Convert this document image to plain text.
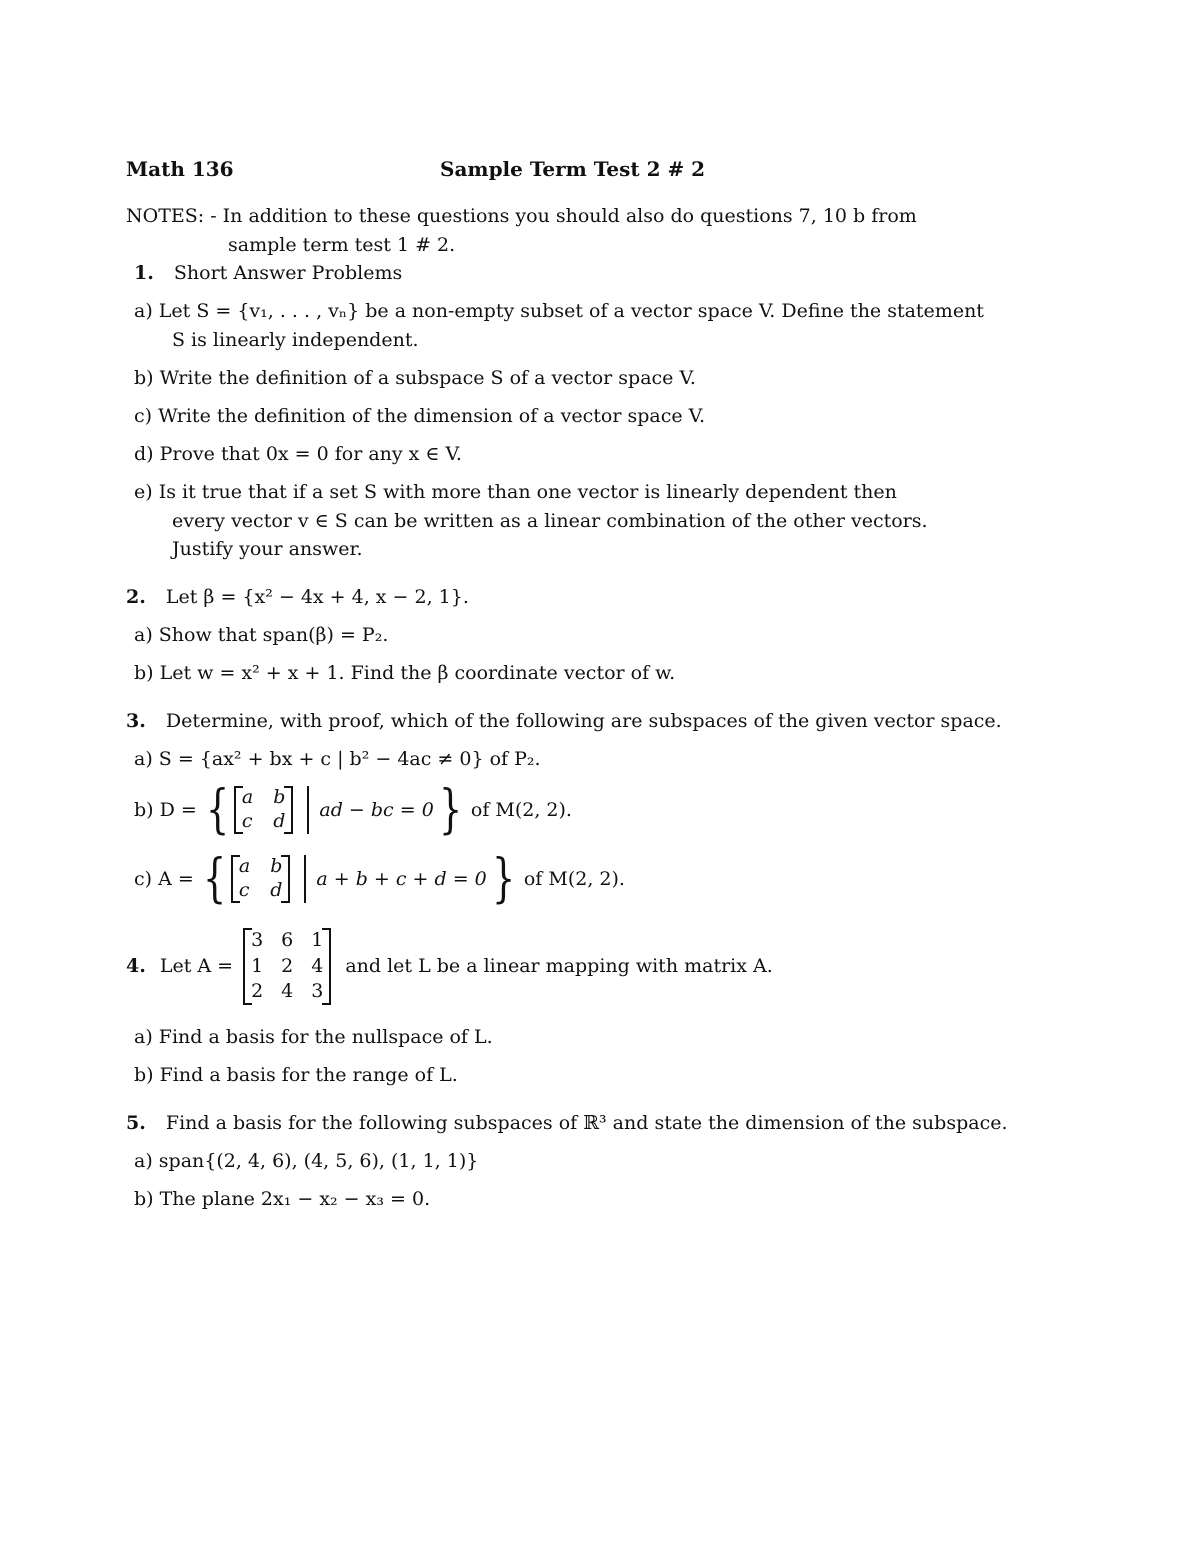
Math 136	Sample Term Test 2 # 2
NOTES: - In addition to these questions you should also do questions 7, 10 b from
sample term test 1 # 2.
1. Short Answer Problems
a) Let S = {v₁, . . . , vₙ} be a non-empty subset of a vector space V. Define the statement
S is linearly independent.
b) Write the definition of a subspace S of a vector space V.
c) Write the definition of the dimension of a vector space V.
d) Prove that 0x = 0 for any x ∈ V.
e) Is it true that if a set S with more than one vector is linearly dependent then
every vector v ∈ S can be written as a linear combination of the other vectors.
Justify your answer.
2. Let β = {x² − 4x + 4, x − 2, 1}.
a) Show that span(β) = P₂.
b) Let w = x² + x + 1. Find the β coordinate vector of w.
3. Determine, with proof, which of the following are subspaces of the given vector space.
a) S = {ax² + bx + c | b² − 4ac ≠ 0} of P₂.
b) D = { a b
c d
ad − bc = 0 } of M(2, 2).
c) A = { a b
c d
a + b + c + d = 0 } of M(2, 2).
4. Let A =
3 6 1
1 2 4
2 4 3
and let L be a linear mapping with matrix A.
a) Find a basis for the nullspace of L.
b) Find a basis for the range of L.
5. Find a basis for the following subspaces of ℝ³ and state the dimension of the subspace.
a) span{(2, 4, 6), (4, 5, 6), (1, 1, 1)}
b) The plane 2x₁ − x₂ − x₃ = 0.
